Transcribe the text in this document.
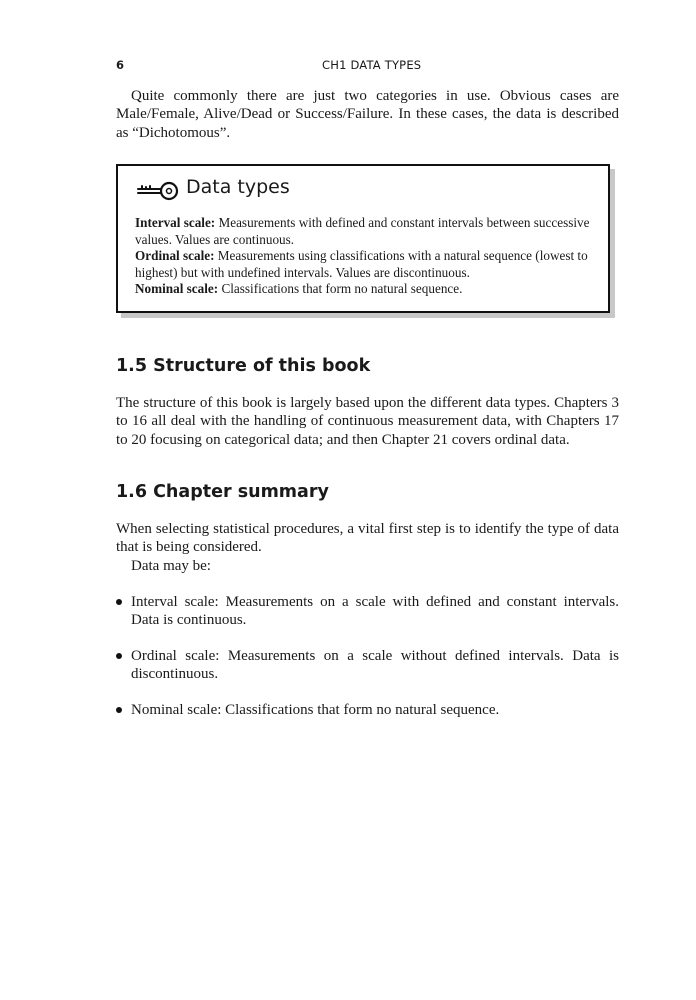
6	CH1 DATA TYPES

Quite commonly there are just two categories in use. Obvious cases are Male/Female, Alive/Dead or Success/Failure. In these cases, the data is described as “Dichotomous”.

Data types

Interval scale: Measurements with defined and constant intervals between successive values. Values are continuous.

Ordinal scale: Measurements using classifications with a natural sequence (lowest to highest) but with undefined intervals. Values are discontinuous.

Nominal scale: Classifications that form no natural sequence.

1.5 Structure of this book

The structure of this book is largely based upon the different data types. Chapters 3 to 16 all deal with the handling of continuous measurement data, with Chapters 17 to 20 focusing on categorical data; and then Chapter 21 covers ordinal data.

1.6 Chapter summary

When selecting statistical procedures, a vital first step is to identify the type of data that is being considered.

Data may be:

Interval scale: Measurements on a scale with defined and constant intervals. Data is continuous.
Ordinal scale: Measurements on a scale without defined intervals. Data is discontinuous.
Nominal scale: Classifications that form no natural sequence.
